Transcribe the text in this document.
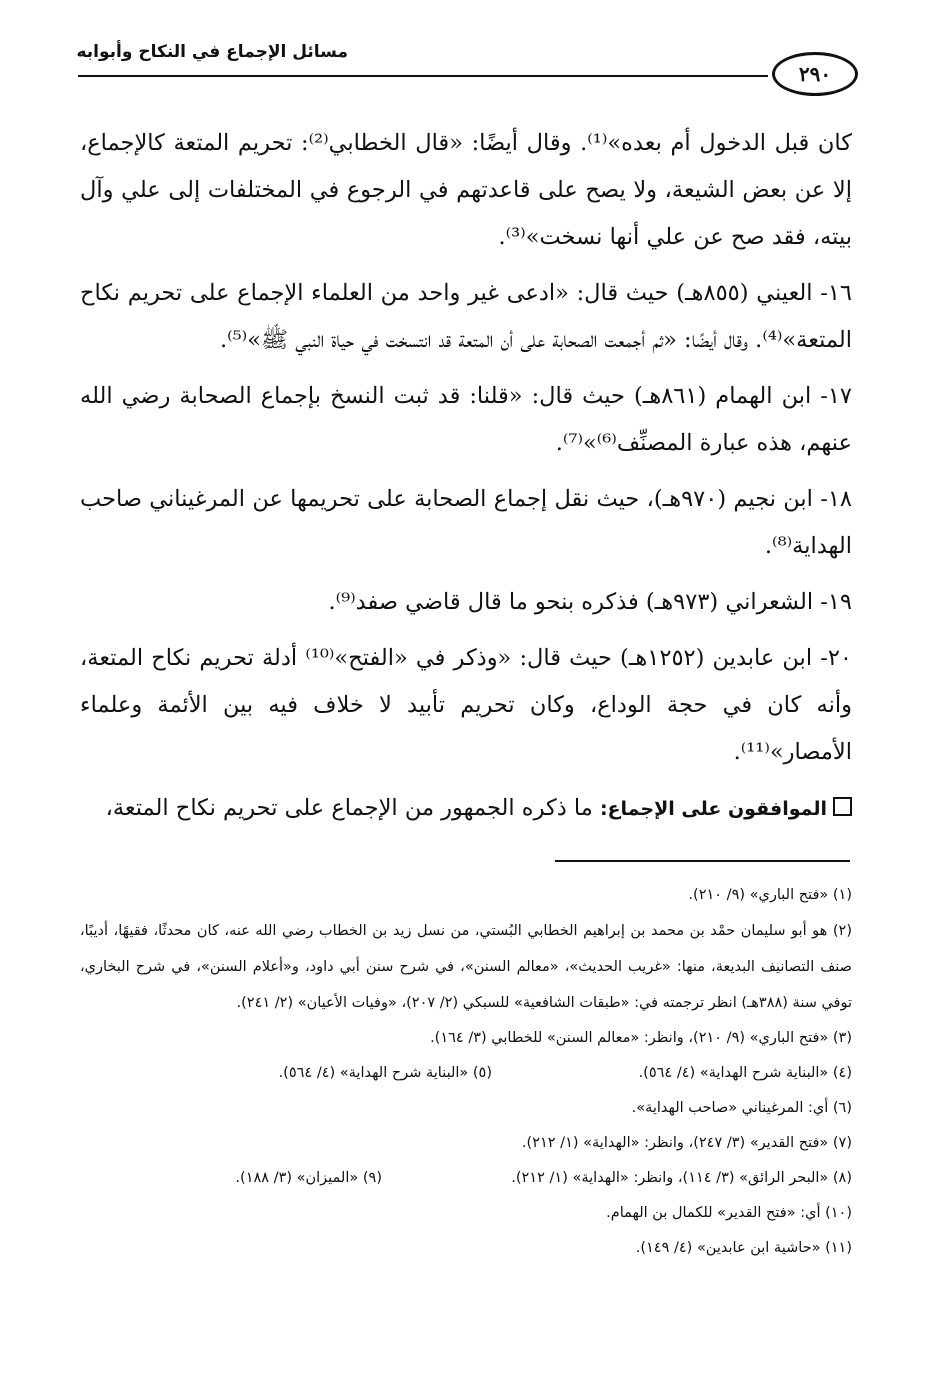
مسائل الإجماع في النكاح وأبوابه
٢٩٠

كان قبل الدخول أم بعده»⁽¹⁾. وقال أيضًا: «قال الخطابي⁽²⁾: تحريم المتعة كالإجماع، إلا عن بعض الشيعة، ولا يصح على قاعدتهم في الرجوع في المختلفات إلى علي وآل بيته، فقد صح عن علي أنها نسخت»⁽³⁾.

١٦- العيني (٨٥٥هـ) حيث قال: «ادعى غير واحد من العلماء الإجماع على تحريم نكاح المتعة»⁽⁴⁾. وقال أيضًا: «ثم أجمعت الصحابة على أن المتعة قد انتسخت في حياة النبي ﷺ»⁽⁵⁾.

١٧- ابن الهمام (٨٦١هـ) حيث قال: «قلنا: قد ثبت النسخ بإجماع الصحابة رضي الله عنهم، هذه عبارة المصنِّف⁽⁶⁾»⁽⁷⁾.

١٨- ابن نجيم (٩٧٠هـ)، حيث نقل إجماع الصحابة على تحريمها عن المرغيناني صاحب الهداية⁽⁸⁾.

١٩- الشعراني (٩٧٣هـ) فذكره بنحو ما قال قاضي صفد⁽⁹⁾.

٢٠- ابن عابدين (١٢٥٢هـ) حيث قال: «وذكر في «الفتح»⁽¹⁰⁾ أدلة تحريم نكاح المتعة، وأنه كان في حجة الوداع، وكان تحريم تأبيد لا خلاف فيه بين الأئمة وعلماء الأمصار»⁽¹¹⁾.

الموافقون على الإجماع: ما ذكره الجمهور من الإجماع على تحريم نكاح المتعة،

(١) «فتح الباري» (٩/ ٢١٠).

(٢) هو أبو سليمان حمْد بن محمد بن إبراهيم الخطابي البُستي، من نسل زيد بن الخطاب رضي الله عنه، كان محدثًا، فقيهًا، أديبًا، صنف التصانيف البديعة، منها: «غريب الحديث»، «معالم السنن»، في شرح سنن أبي داود، و«أعلام السنن»، في شرح البخاري، توفي سنة (٣٨٨هـ) انظر ترجمته في: «طبقات الشافعية» للسبكي (٢/ ٢٠٧)، «وفيات الأعيان» (٢/ ٢٤١).

(٣) «فتح الباري» (٩/ ٢١٠)، وانظر: «معالم السنن» للخطابي (٣/ ١٦٤).

(٤) «البناية شرح الهداية» (٤/ ٥٦٤).
(٥) «البناية شرح الهداية» (٤/ ٥٦٤).

(٦) أي: المرغيناني «صاحب الهداية».

(٧) «فتح القدير» (٣/ ٢٤٧)، وانظر: «الهداية» (١/ ٢١٢).

(٨) «البحر الرائق» (٣/ ١١٤)، وانظر: «الهداية» (١/ ٢١٢).
(٩) «الميزان» (٣/ ١٨٨).

(١٠) أي: «فتح القدير» للكمال بن الهمام.

(١١) «حاشية ابن عابدين» (٤/ ١٤٩).
